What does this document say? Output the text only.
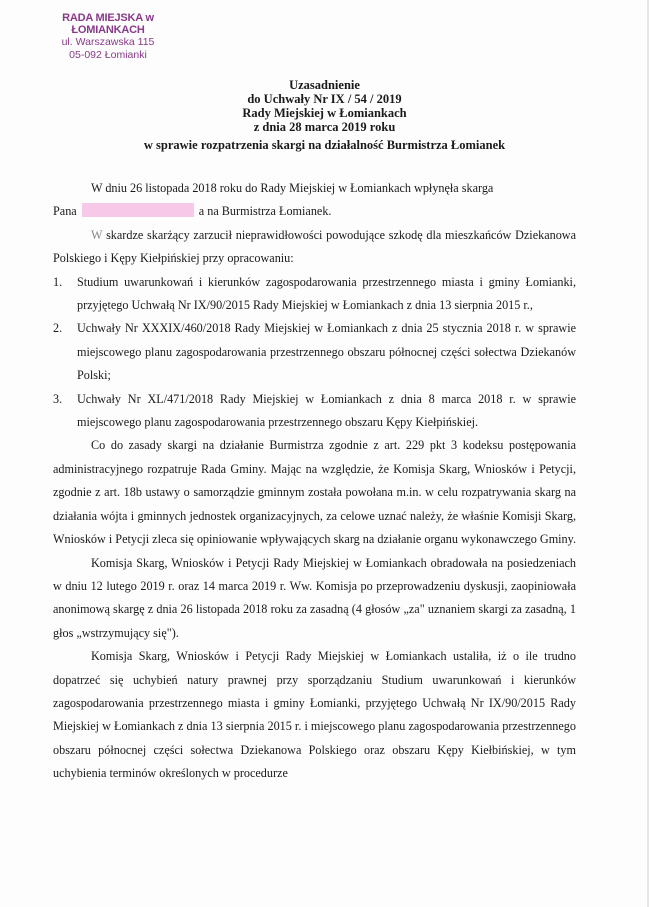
RADA MIEJSKA w ŁOMIANKACH
ul. Warszawska 115
05-092 Łomianki
Uzasadnienie
do Uchwały Nr IX / 54 / 2019
Rady Miejskiej w Łomiankach
z dnia 28 marca 2019 roku
w sprawie rozpatrzenia skargi na działalność Burmistrza Łomianek

W dniu 26 listopada 2018 roku do Rady Miejskiej w Łomiankach wpłynęła skarga

Pana	a na Burmistrza Łomianek.

W skardze skarżący zarzucił nieprawidłowości powodujące szkodę dla mieszkańców Dziekanowa Polskiego i Kępy Kiełpińskiej przy opracowaniu:

1. Studium uwarunkowań i kierunków zagospodarowania przestrzennego miasta i gminy Łomianki, przyjętego Uchwałą Nr IX/90/2015 Rady Miejskiej w Łomiankach z dnia 13 sierpnia 2015 r.,
2. Uchwały Nr XXXIX/460/2018 Rady Miejskiej w Łomiankach z dnia 25 stycznia 2018 r. w sprawie miejscowego planu zagospodarowania przestrzennego obszaru północnej części sołectwa Dziekanów Polski;
3. Uchwały Nr XL/471/2018 Rady Miejskiej w Łomiankach z dnia 8 marca 2018 r. w sprawie miejscowego planu zagospodarowania przestrzennego obszaru Kępy Kiełpińskiej.

Co do zasady skargi na działanie Burmistrza zgodnie z art. 229 pkt 3 kodeksu postępowania administracyjnego rozpatruje Rada Gminy. Mając na względzie, że Komisja Skarg, Wniosków i Petycji, zgodnie z art. 18b ustawy o samorządzie gminnym została powołana m.in. w celu rozpatrywania skarg na działania wójta i gminnych jednostek organizacyjnych, za celowe uznać należy, że właśnie Komisji Skarg, Wniosków i Petycji zleca się opiniowanie wpływających skarg na działanie organu wykonawczego Gminy.

Komisja Skarg, Wniosków i Petycji Rady Miejskiej w Łomiankach obradowała na posiedzeniach w dniu 12 lutego 2019 r. oraz 14 marca 2019 r. Ww. Komisja po przeprowadzeniu dyskusji, zaopiniowała anonimową skargę z dnia 26 listopada 2018 roku za zasadną (4 głosów „za" uznaniem skargi za zasadną, 1 głos „wstrzymujący się").

Komisja Skarg, Wniosków i Petycji Rady Miejskiej w Łomiankach ustaliła, iż o ile trudno dopatrzeć się uchybień natury prawnej przy sporządzaniu Studium uwarunkowań i kierunków zagospodarowania przestrzennego miasta i gminy Łomianki, przyjętego Uchwałą Nr IX/90/2015 Rady Miejskiej w Łomiankach z dnia 13 sierpnia 2015 r. i miejscowego planu zagospodarowania przestrzennego obszaru północnej części sołectwa Dziekanowa Polskiego oraz obszaru Kępy Kiełbińskiej, w tym uchybienia terminów określonych w procedurze
